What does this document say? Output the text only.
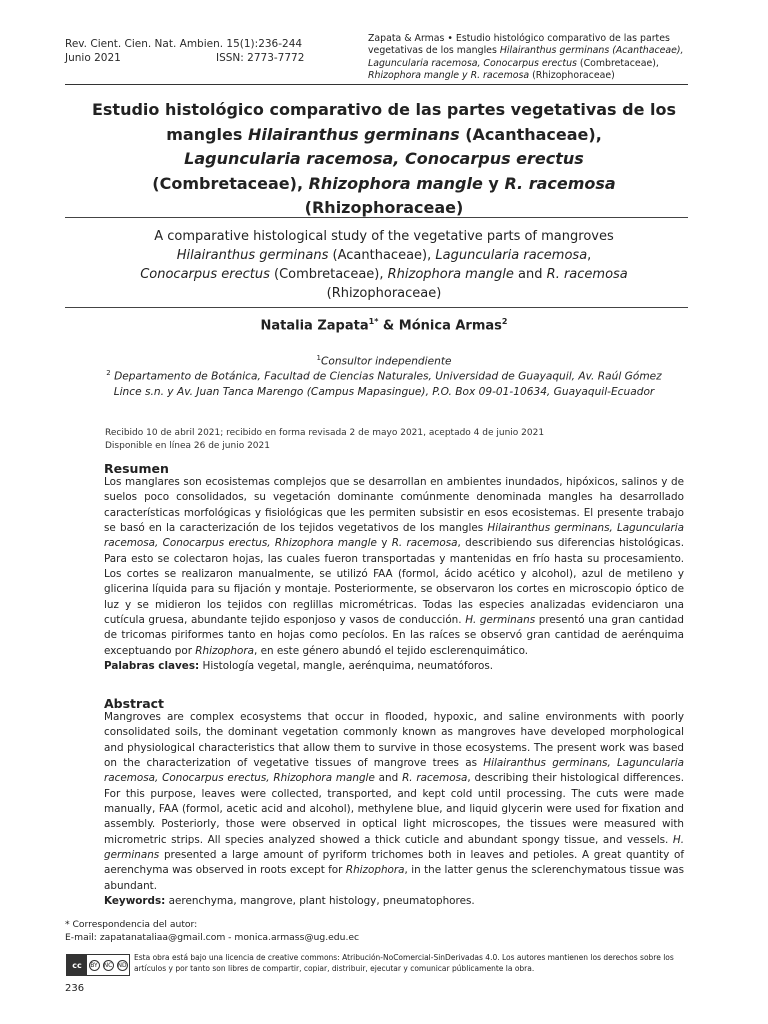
Rev. Cient. Cien. Nat. Ambien. 15(1):236-244
Junio 2021	ISSN: 2773-7772
Zapata & Armas • Estudio histológico comparativo de las partes vegetativas de los mangles Hilairanthus germinans (Acanthaceae), Laguncularia racemosa, Conocarpus erectus (Combretaceae), Rhizophora mangle y R. racemosa (Rhizophoraceae)
Estudio histológico comparativo de las partes vegetativas de los mangles Hilairanthus germinans (Acanthaceae),
Laguncularia racemosa, Conocarpus erectus
(Combretaceae), Rhizophora mangle y R. racemosa
(Rhizophoraceae)
A comparative histological study of the vegetative parts of mangroves
Hilairanthus germinans (Acanthaceae), Laguncularia racemosa,
Conocarpus erectus (Combretaceae), Rhizophora mangle and R. racemosa (Rhizophoraceae)
Natalia Zapata$^{1*}$ & Mónica Armas$^2$
$^1$Consultor independiente
$^2$ Departamento de Botánica, Facultad de Ciencias Naturales, Universidad de Guayaquil, Av. Raúl Gómez Lince s.n. y Av. Juan Tanca Marengo (Campus Mapasingue), P.O. Box 09-01-10634, Guayaquil-Ecuador
Recibido 10 de abril 2021; recibido en forma revisada 2 de mayo 2021, aceptado 4 de junio 2021
Disponible en línea 26 de junio 2021
Resumen
Los manglares son ecosistemas complejos que se desarrollan en ambientes inundados, hipóxicos, salinos y de suelos poco consolidados, su vegetación dominante comúnmente denominada mangles ha desarrollado características morfológicas y fisiológicas que les permiten subsistir en esos ecosistemas. El presente trabajo se basó en la caracterización de los tejidos vegetativos de los mangles Hilairanthus germinans, Laguncularia racemosa, Conocarpus erectus, Rhizophora mangle y R. racemosa, describiendo sus diferencias histológicas. Para esto se colectaron hojas, las cuales fueron transportadas y mantenidas en frío hasta su procesamiento. Los cortes se realizaron manualmente, se utilizó FAA (formol, ácido acético y alcohol), azul de metileno y glicerina líquida para su fijación y montaje. Posteriormente, se observaron los cortes en microscopio óptico de luz y se midieron los tejidos con reglillas micrométricas. Todas las especies analizadas evidenciaron una cutícula gruesa, abundante tejido esponjoso y vasos de conducción. H. germinans presentó una gran cantidad de tricomas piriformes tanto en hojas como pecíolos. En las raíces se observó gran cantidad de aerénquima exceptuando por Rhizophora, en este género abundó el tejido esclerenquimático.
Palabras claves: Histología vegetal, mangle, aerénquima, neumatóforos.
Abstract
Mangroves are complex ecosystems that occur in flooded, hypoxic, and saline environments with poorly consolidated soils, the dominant vegetation commonly known as mangroves have developed morphological and physiological characteristics that allow them to survive in those ecosystems. The present work was based on the characterization of vegetative tissues of mangrove trees as Hilairanthus germinans, Laguncularia racemosa, Conocarpus erectus, Rhizophora mangle and R. racemosa, describing their histological differences. For this purpose, leaves were collected, transported, and kept cold until processing. The cuts were made manually, FAA (formol, acetic acid and alcohol), methylene blue, and liquid glycerin were used for fixation and assembly. Posteriorly, those were observed in optical light microscopes, the tissues were measured with micrometric strips. All species analyzed showed a thick cuticle and abundant spongy tissue, and vessels. H. germinans presented a large amount of pyriform trichomes both in leaves and petioles. A great quantity of aerenchyma was observed in roots except for Rhizophora, in the latter genus the sclerenchymatous tissue was abundant.
Keywords: aerenchyma, mangrove, plant histology, pneumatophores.
* Correspondencia del autor:
E-mail: zapatanataliaa@gmail.com - monica.armass@ug.edu.ec
cc	BY NC ND
Esta obra está bajo una licencia de creative commons: Atribución-NoComercial-SinDerivadas 4.0. Los autores mantienen los derechos sobre los artículos y por tanto son libres de compartir, copiar, distribuir, ejecutar y comunicar públicamente la obra.
236
